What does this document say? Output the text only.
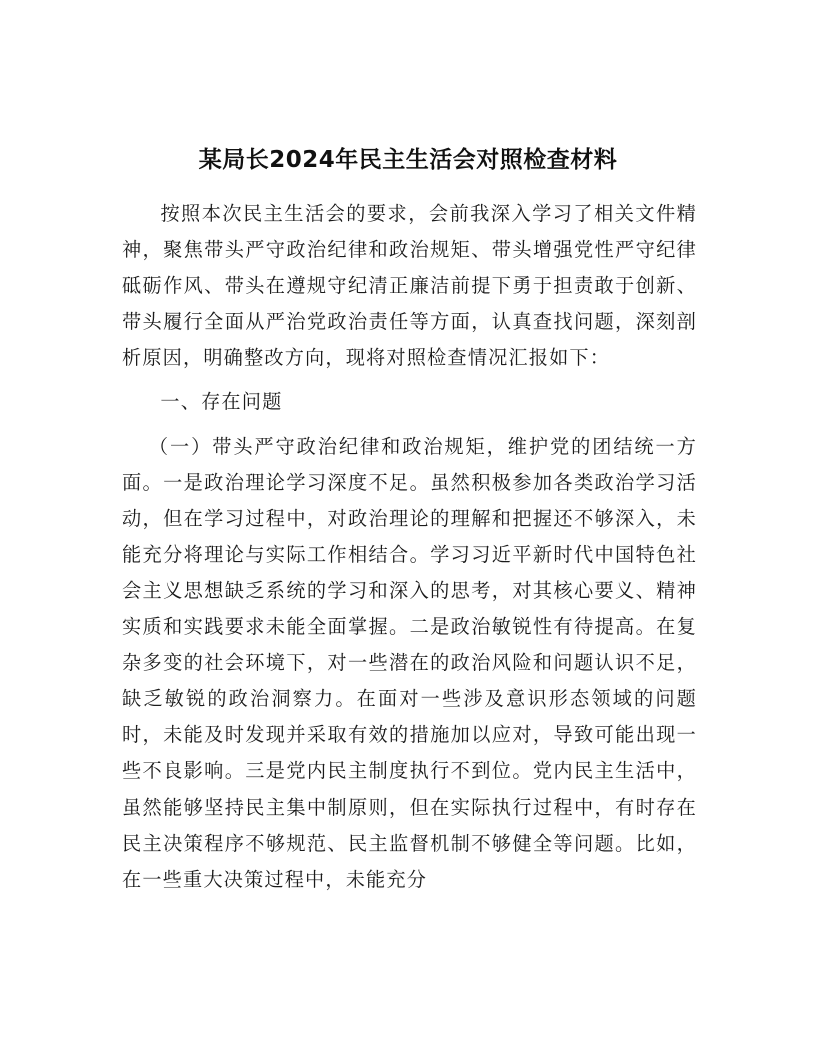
某局长2024年民主生活会对照检查材料

按照本次民主生活会的要求，会前我深入学习了相关文件精神，聚焦带头严守政治纪律和政治规矩、带头增强党性严守纪律砥砺作风、带头在遵规守纪清正廉洁前提下勇于担责敢于创新、带头履行全面从严治党政治责任等方面，认真查找问题，深刻剖析原因，明确整改方向，现将对照检查情况汇报如下：

一、存在问题

（一）带头严守政治纪律和政治规矩，维护党的团结统一方面。一是政治理论学习深度不足。虽然积极参加各类政治学习活动，但在学习过程中，对政治理论的理解和把握还不够深入，未能充分将理论与实际工作相结合。学习习近平新时代中国特色社会主义思想缺乏系统的学习和深入的思考，对其核心要义、精神实质和实践要求未能全面掌握。二是政治敏锐性有待提高。在复杂多变的社会环境下，对一些潜在的政治风险和问题认识不足，缺乏敏锐的政治洞察力。在面对一些涉及意识形态领域的问题时，未能及时发现并采取有效的措施加以应对，导致可能出现一些不良影响。三是党内民主制度执行不到位。党内民主生活中，虽然能够坚持民主集中制原则，但在实际执行过程中，有时存在民主决策程序不够规范、民主监督机制不够健全等问题。比如，在一些重大决策过程中，未能充分
